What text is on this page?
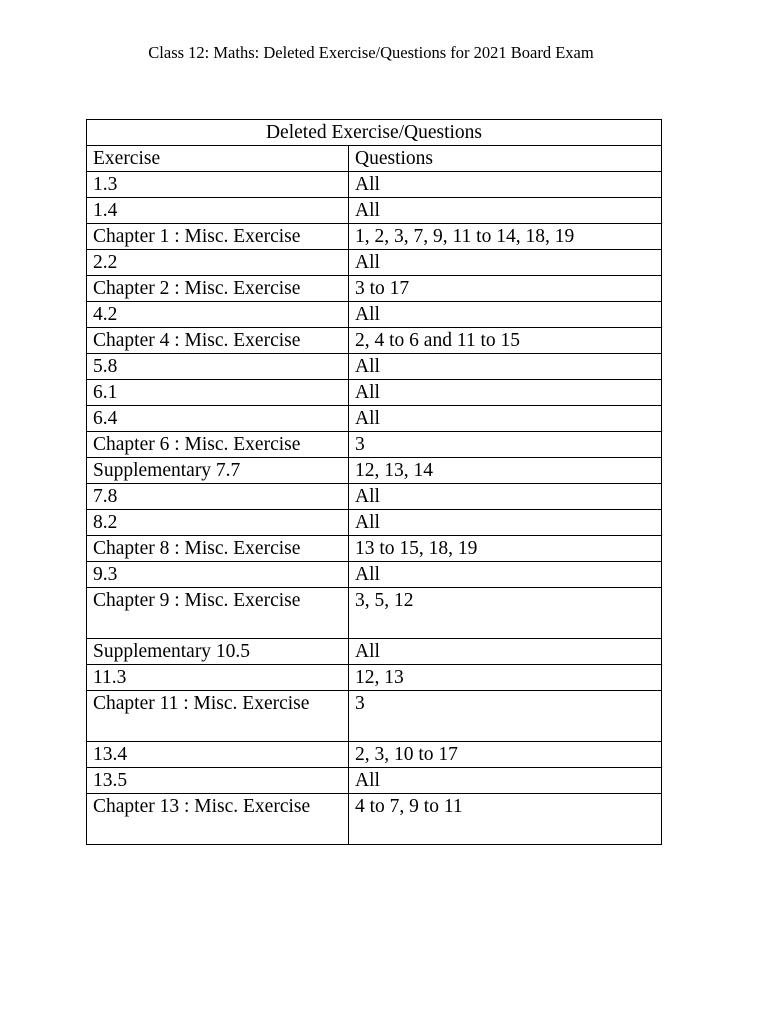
Class 12: Maths: Deleted Exercise/Questions for 2021 Board Exam
Deleted Exercise/Questions	
Exercise	Questions
1.3	All
1.4	All
Chapter 1 : Misc. Exercise	1, 2, 3, 7, 9, 11 to 14, 18, 19
2.2	All
Chapter 2 : Misc. Exercise	3 to 17
4.2	All
Chapter 4 : Misc. Exercise	2, 4 to 6 and 11 to 15
5.8	All
6.1	All
6.4	All
Chapter 6 : Misc. Exercise	3
Supplementary 7.7	12, 13, 14
7.8	All
8.2	All
Chapter 8 : Misc. Exercise	13 to 15, 18, 19
9.3	All
Chapter 9 : Misc. Exercise	3, 5, 12
Supplementary 10.5	All
11.3	12, 13
Chapter 11 : Misc. Exercise	3
13.4	2, 3, 10 to 17
13.5	All
Chapter 13 : Misc. Exercise	4 to 7, 9 to 11
